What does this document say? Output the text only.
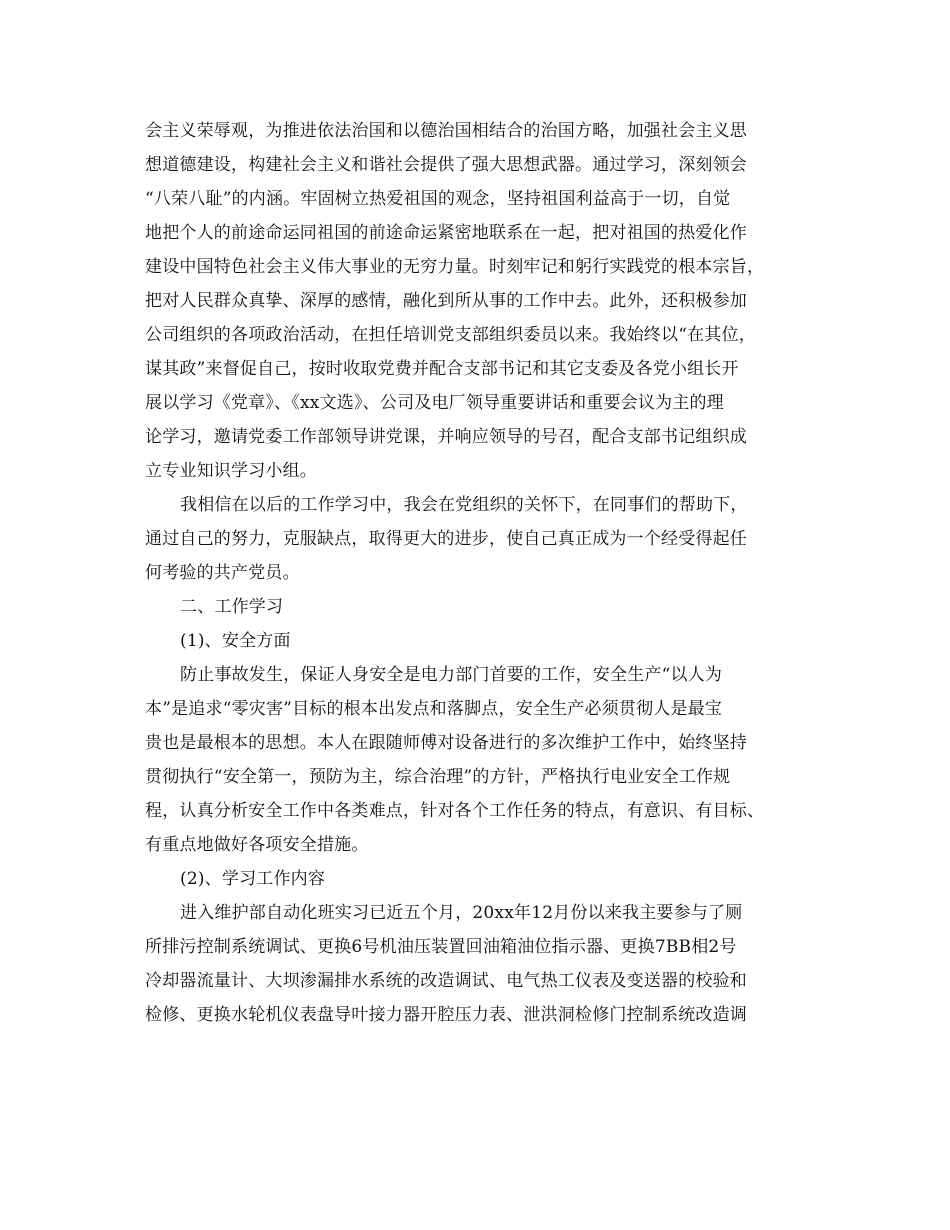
会主义荣辱观，为推进依法治国和以德治国相结合的治国方略，加强社会主义思
想道德建设，构建社会主义和谐社会提供了强大思想武器。通过学习，深刻领会
“八荣八耻”的内涵。牢固树立热爱祖国的观念，坚持祖国利益高于一切，自觉
地把个人的前途命运同祖国的前途命运紧密地联系在一起，把对祖国的热爱化作
建设中国特色社会主义伟大事业的无穷力量。时刻牢记和躬行实践党的根本宗旨，
把对人民群众真挚、深厚的感情，融化到所从事的工作中去。此外，还积极参加
公司组织的各项政治活动，在担任培训党支部组织委员以来。我始终以“在其位，
谋其政”来督促自己，按时收取党费并配合支部书记和其它支委及各党小组长开
展以学习《党章》、《xx文选》、公司及电厂领导重要讲话和重要会议为主的理
论学习，邀请党委工作部领导讲党课，并响应领导的号召，配合支部书记组织成
立专业知识学习小组。
我相信在以后的工作学习中，我会在党组织的关怀下，在同事们的帮助下，
通过自己的努力，克服缺点，取得更大的进步，使自己真正成为一个经受得起任
何考验的共产党员。
二、工作学习
(1)、安全方面
防止事故发生，保证人身安全是电力部门首要的工作，安全生产“以人为
本”是追求“零灾害”目标的根本出发点和落脚点，安全生产必须贯彻人是最宝
贵也是最根本的思想。本人在跟随师傅对设备进行的多次维护工作中，始终坚持
贯彻执行“安全第一，预防为主，综合治理”的方针，严格执行电业安全工作规
程，认真分析安全工作中各类难点，针对各个工作任务的特点，有意识、有目标、
有重点地做好各项安全措施。
(2)、学习工作内容
进入维护部自动化班实习已近五个月，20xx年12月份以来我主要参与了厕
所排污控制系统调试、更换6号机油压装置回油箱油位指示器、更换7BB相2号
冷却器流量计、大坝渗漏排水系统的改造调试、电气热工仪表及变送器的校验和
检修、更换水轮机仪表盘导叶接力器开腔压力表、泄洪洞检修门控制系统改造调
